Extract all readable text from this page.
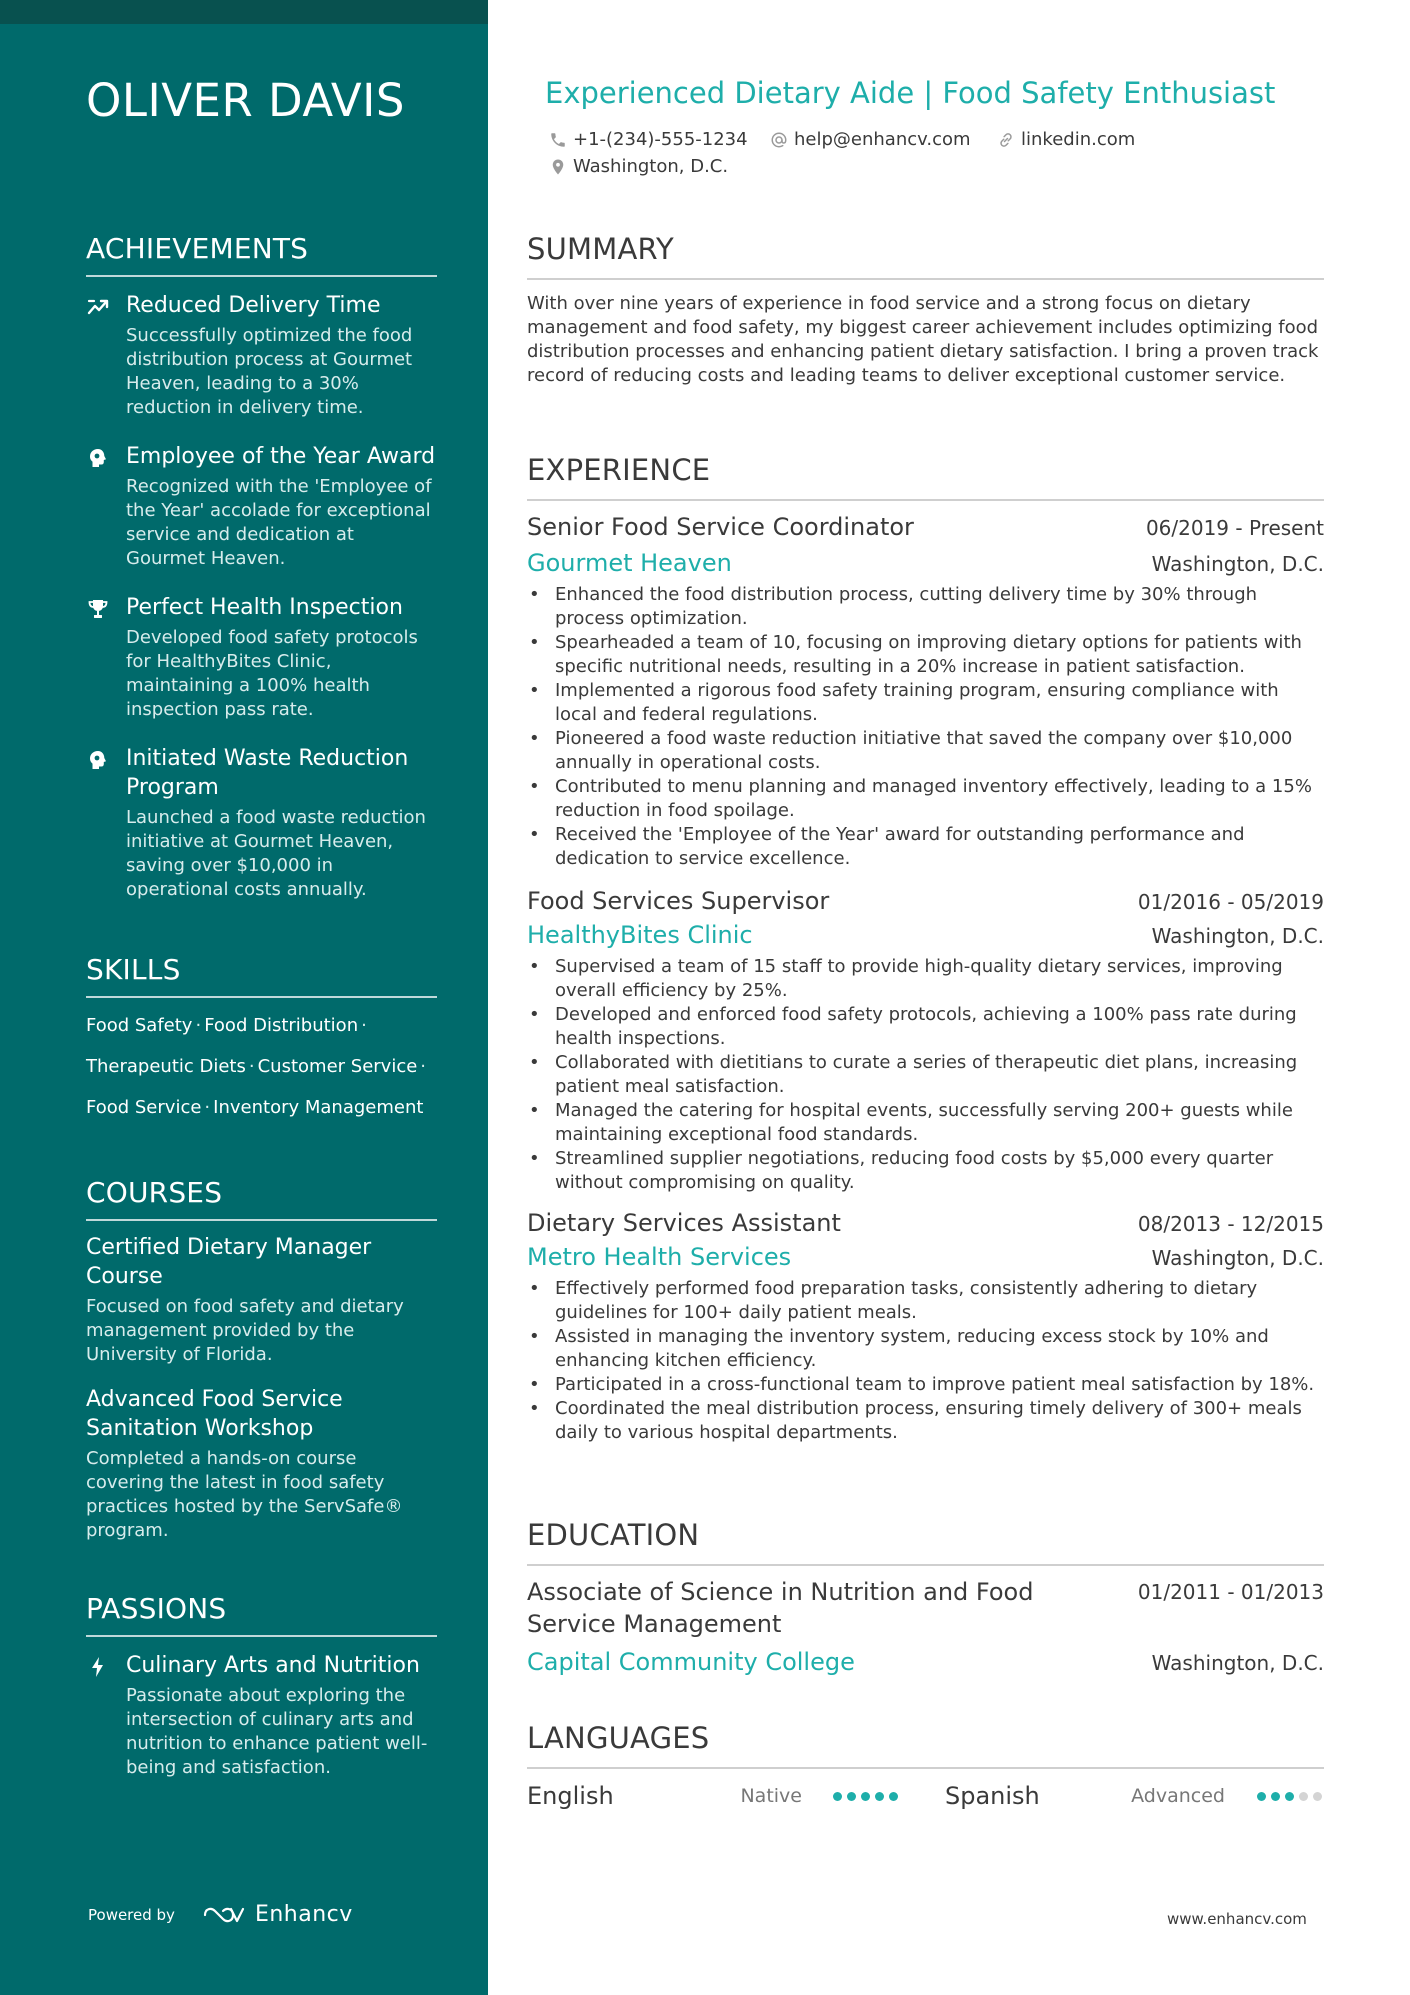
OLIVER DAVIS
ACHIEVEMENTS
Reduced Delivery Time
Successfully optimized the food distribution process at Gourmet Heaven, leading to a 30% reduction in delivery time.
Employee of the Year Award
Recognized with the 'Employee of the Year' accolade for exceptional service and dedication at Gourmet Heaven.
Perfect Health Inspection
Developed food safety protocols for HealthyBites Clinic, maintaining a 100% health inspection pass rate.
Initiated Waste Reduction Program
Launched a food waste reduction initiative at Gourmet Heaven, saving over $10,000 in operational costs annually.
SKILLS
Food Safety · Food Distribution ·
Therapeutic Diets · Customer Service ·
Food Service · Inventory Management
COURSES
Certified Dietary Manager Course
Focused on food safety and dietary management provided by the University of Florida.
Advanced Food Service Sanitation Workshop
Completed a hands-on course covering the latest in food safety practices hosted by the ServSafe® program.
PASSIONS
Culinary Arts and Nutrition
Passionate about exploring the intersection of culinary arts and nutrition to enhance patient well-being and satisfaction.
Powered by	Enhancv
Experienced Dietary Aide | Food Safety Enthusiast
+1-(234)-555-1234	help@enhancv.com	linkedin.com
Washington, D.C.
SUMMARY
With over nine years of experience in food service and a strong focus on dietary management and food safety, my biggest career achievement includes optimizing food distribution processes and enhancing patient dietary satisfaction. I bring a proven track record of reducing costs and leading teams to deliver exceptional customer service.
EXPERIENCE
Senior Food Service Coordinator	06/2019 - Present
Gourmet Heaven	Washington, D.C.
• Enhanced the food distribution process, cutting delivery time by 30% through process optimization.
• Spearheaded a team of 10, focusing on improving dietary options for patients with specific nutritional needs, resulting in a 20% increase in patient satisfaction.
• Implemented a rigorous food safety training program, ensuring compliance with local and federal regulations.
• Pioneered a food waste reduction initiative that saved the company over $10,000 annually in operational costs.
• Contributed to menu planning and managed inventory effectively, leading to a 15% reduction in food spoilage.
• Received the 'Employee of the Year' award for outstanding performance and dedication to service excellence.
Food Services Supervisor	01/2016 - 05/2019
HealthyBites Clinic	Washington, D.C.
• Supervised a team of 15 staff to provide high-quality dietary services, improving overall efficiency by 25%.
• Developed and enforced food safety protocols, achieving a 100% pass rate during health inspections.
• Collaborated with dietitians to curate a series of therapeutic diet plans, increasing patient meal satisfaction.
• Managed the catering for hospital events, successfully serving 200+ guests while maintaining exceptional food standards.
• Streamlined supplier negotiations, reducing food costs by $5,000 every quarter without compromising on quality.
Dietary Services Assistant	08/2013 - 12/2015
Metro Health Services	Washington, D.C.
• Effectively performed food preparation tasks, consistently adhering to dietary guidelines for 100+ daily patient meals.
• Assisted in managing the inventory system, reducing excess stock by 10% and enhancing kitchen efficiency.
• Participated in a cross-functional team to improve patient meal satisfaction by 18%.
• Coordinated the meal distribution process, ensuring timely delivery of 300+ meals daily to various hospital departments.
EDUCATION
Associate of Science in Nutrition and Food Service Management
01/2011 - 01/2013
Capital Community College	Washington, D.C.
LANGUAGES
English	Native	Spanish	Advanced
www.enhancv.com
